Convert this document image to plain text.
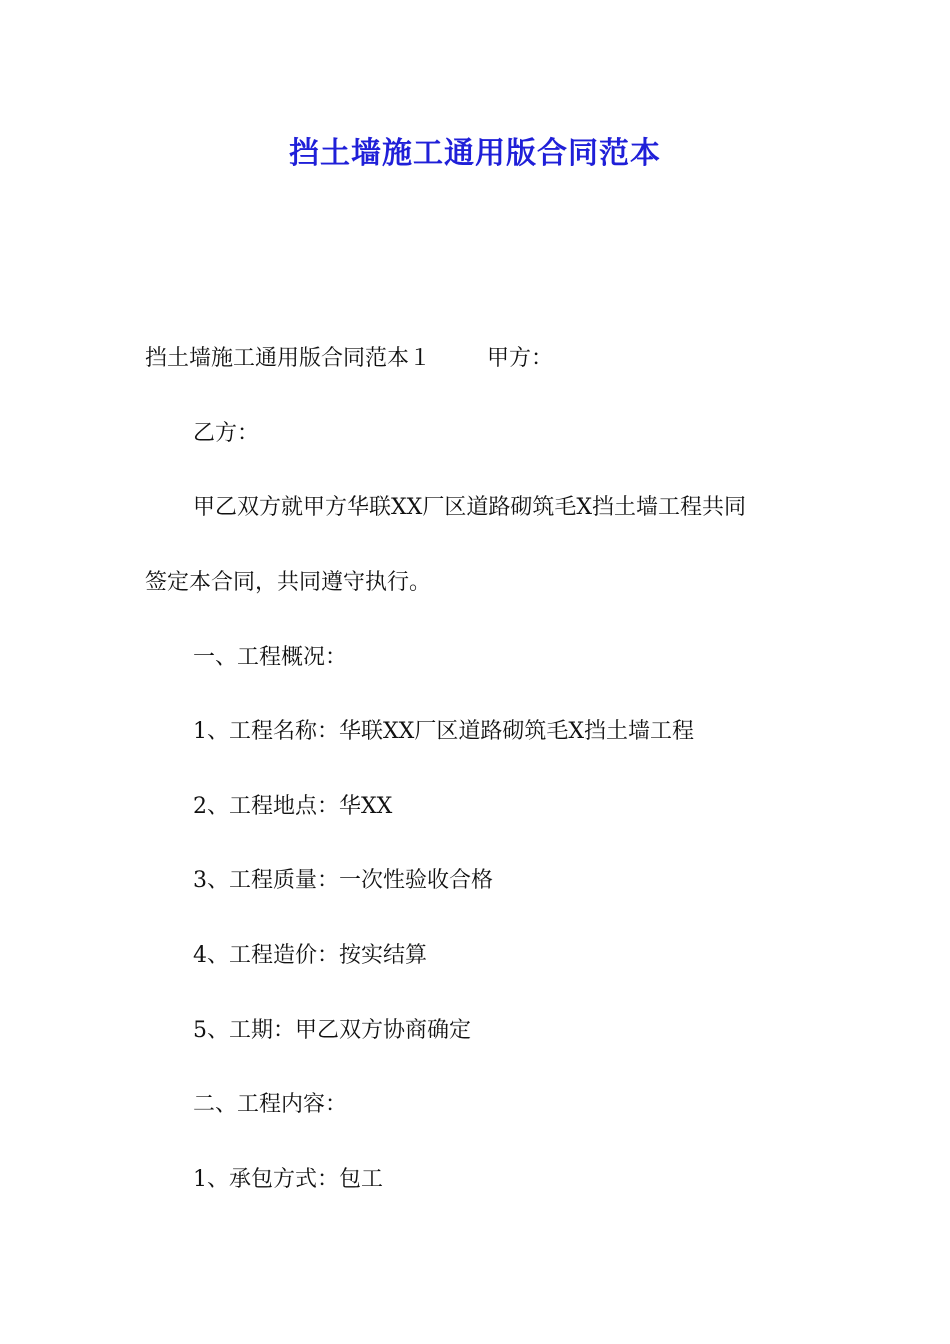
挡土墙施工通用版合同范本

挡土墙施工通用版合同范本１	甲方：

乙方：

甲乙双方就甲方华联XX厂区道路砌筑毛X挡土墙工程共同

签定本合同，共同遵守执行。

一、工程概况：

1、工程名称：华联XX厂区道路砌筑毛X挡土墙工程

2、工程地点：华XX

3、工程质量：一次性验收合格

4、工程造价：按实结算

5、工期：甲乙双方协商确定

二、工程内容：

1、承包方式：包工
